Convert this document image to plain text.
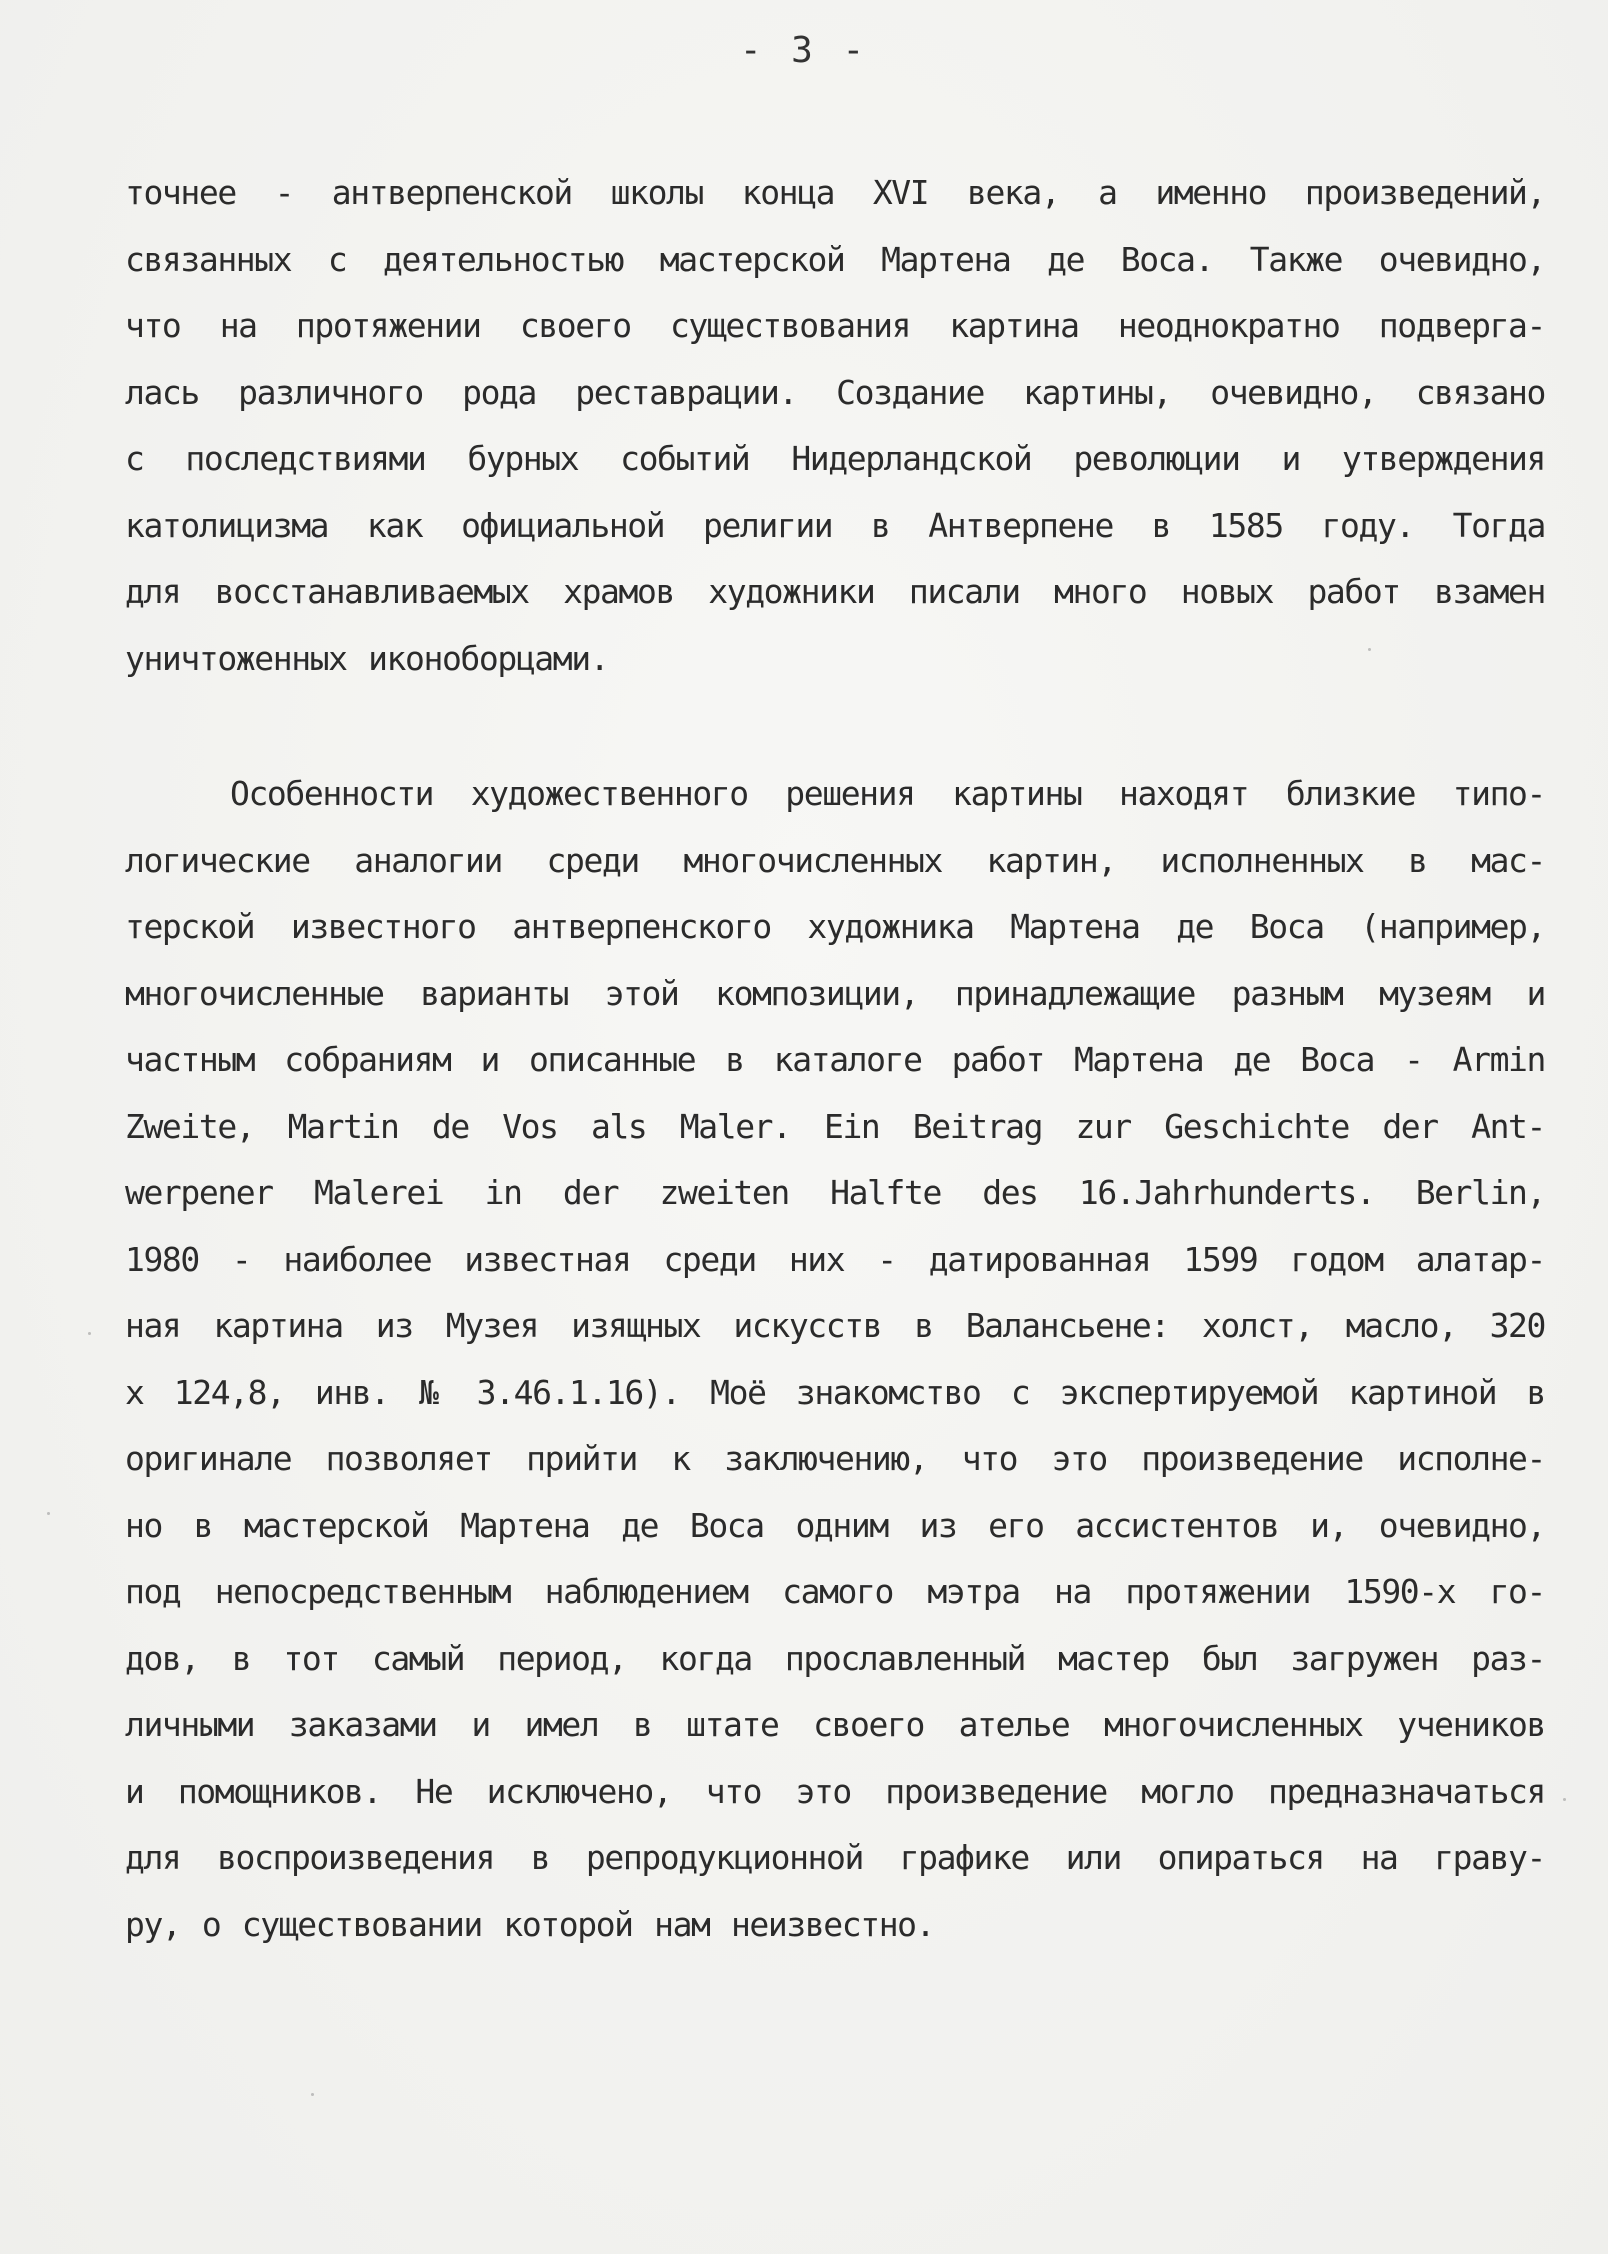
- 3 -
точнее - антверпенской школы конца XVI века, а именно произведений,
связанных с деятельностью мастерской Мартена де Воса. Также очевидно,
что на протяжении своего существования картина неоднократно подверга-
лась различного рода реставрации. Создание картины, очевидно, связано
с последствиями бурных событий Нидерландской революции и утверждения
католицизма как официальной религии в Антверпене в 1585 году. Тогда
для восстанавливаемых храмов художники писали много новых работ взамен
уничтоженных иконоборцами.
Особенности художественного решения картины находят близкие типо-
логические аналогии среди многочисленных картин, исполненных в мас-
терской известного антверпенского художника Мартена де Воса (например,
многочисленные варианты этой композиции, принадлежащие разным музеям и
частным собраниям и описанные в каталоге работ Мартена де Воса - Armin
Zweite, Martin de Vos als Maler. Ein Beitrag zur Geschichte der Ant-
werpener Malerei in der zweiten Halfte des 16.Jahrhunderts. Berlin,
1980 - наиболее известная среди них - датированная 1599 годом алатар-
ная картина из Музея изящных искусств в Валансьене: холст, масло, 320
x 124,8, инв. № 3.46.1.16). Моё знакомство с экспертируемой картиной в
оригинале позволяет прийти к заключению, что это произведение исполне-
но в мастерской Мартена де Воса одним из его ассистентов и, очевидно,
под непосредственным наблюдением самого мэтра на протяжении 1590-х го-
дов, в тот самый период, когда прославленный мастер был загружен раз-
личными заказами и имел в штате своего ателье многочисленных учеников
и помощников. Не исключено, что это произведение могло предназначаться
для воспроизведения в репродукционной графике или опираться на граву-
ру, о существовании которой нам неизвестно.
